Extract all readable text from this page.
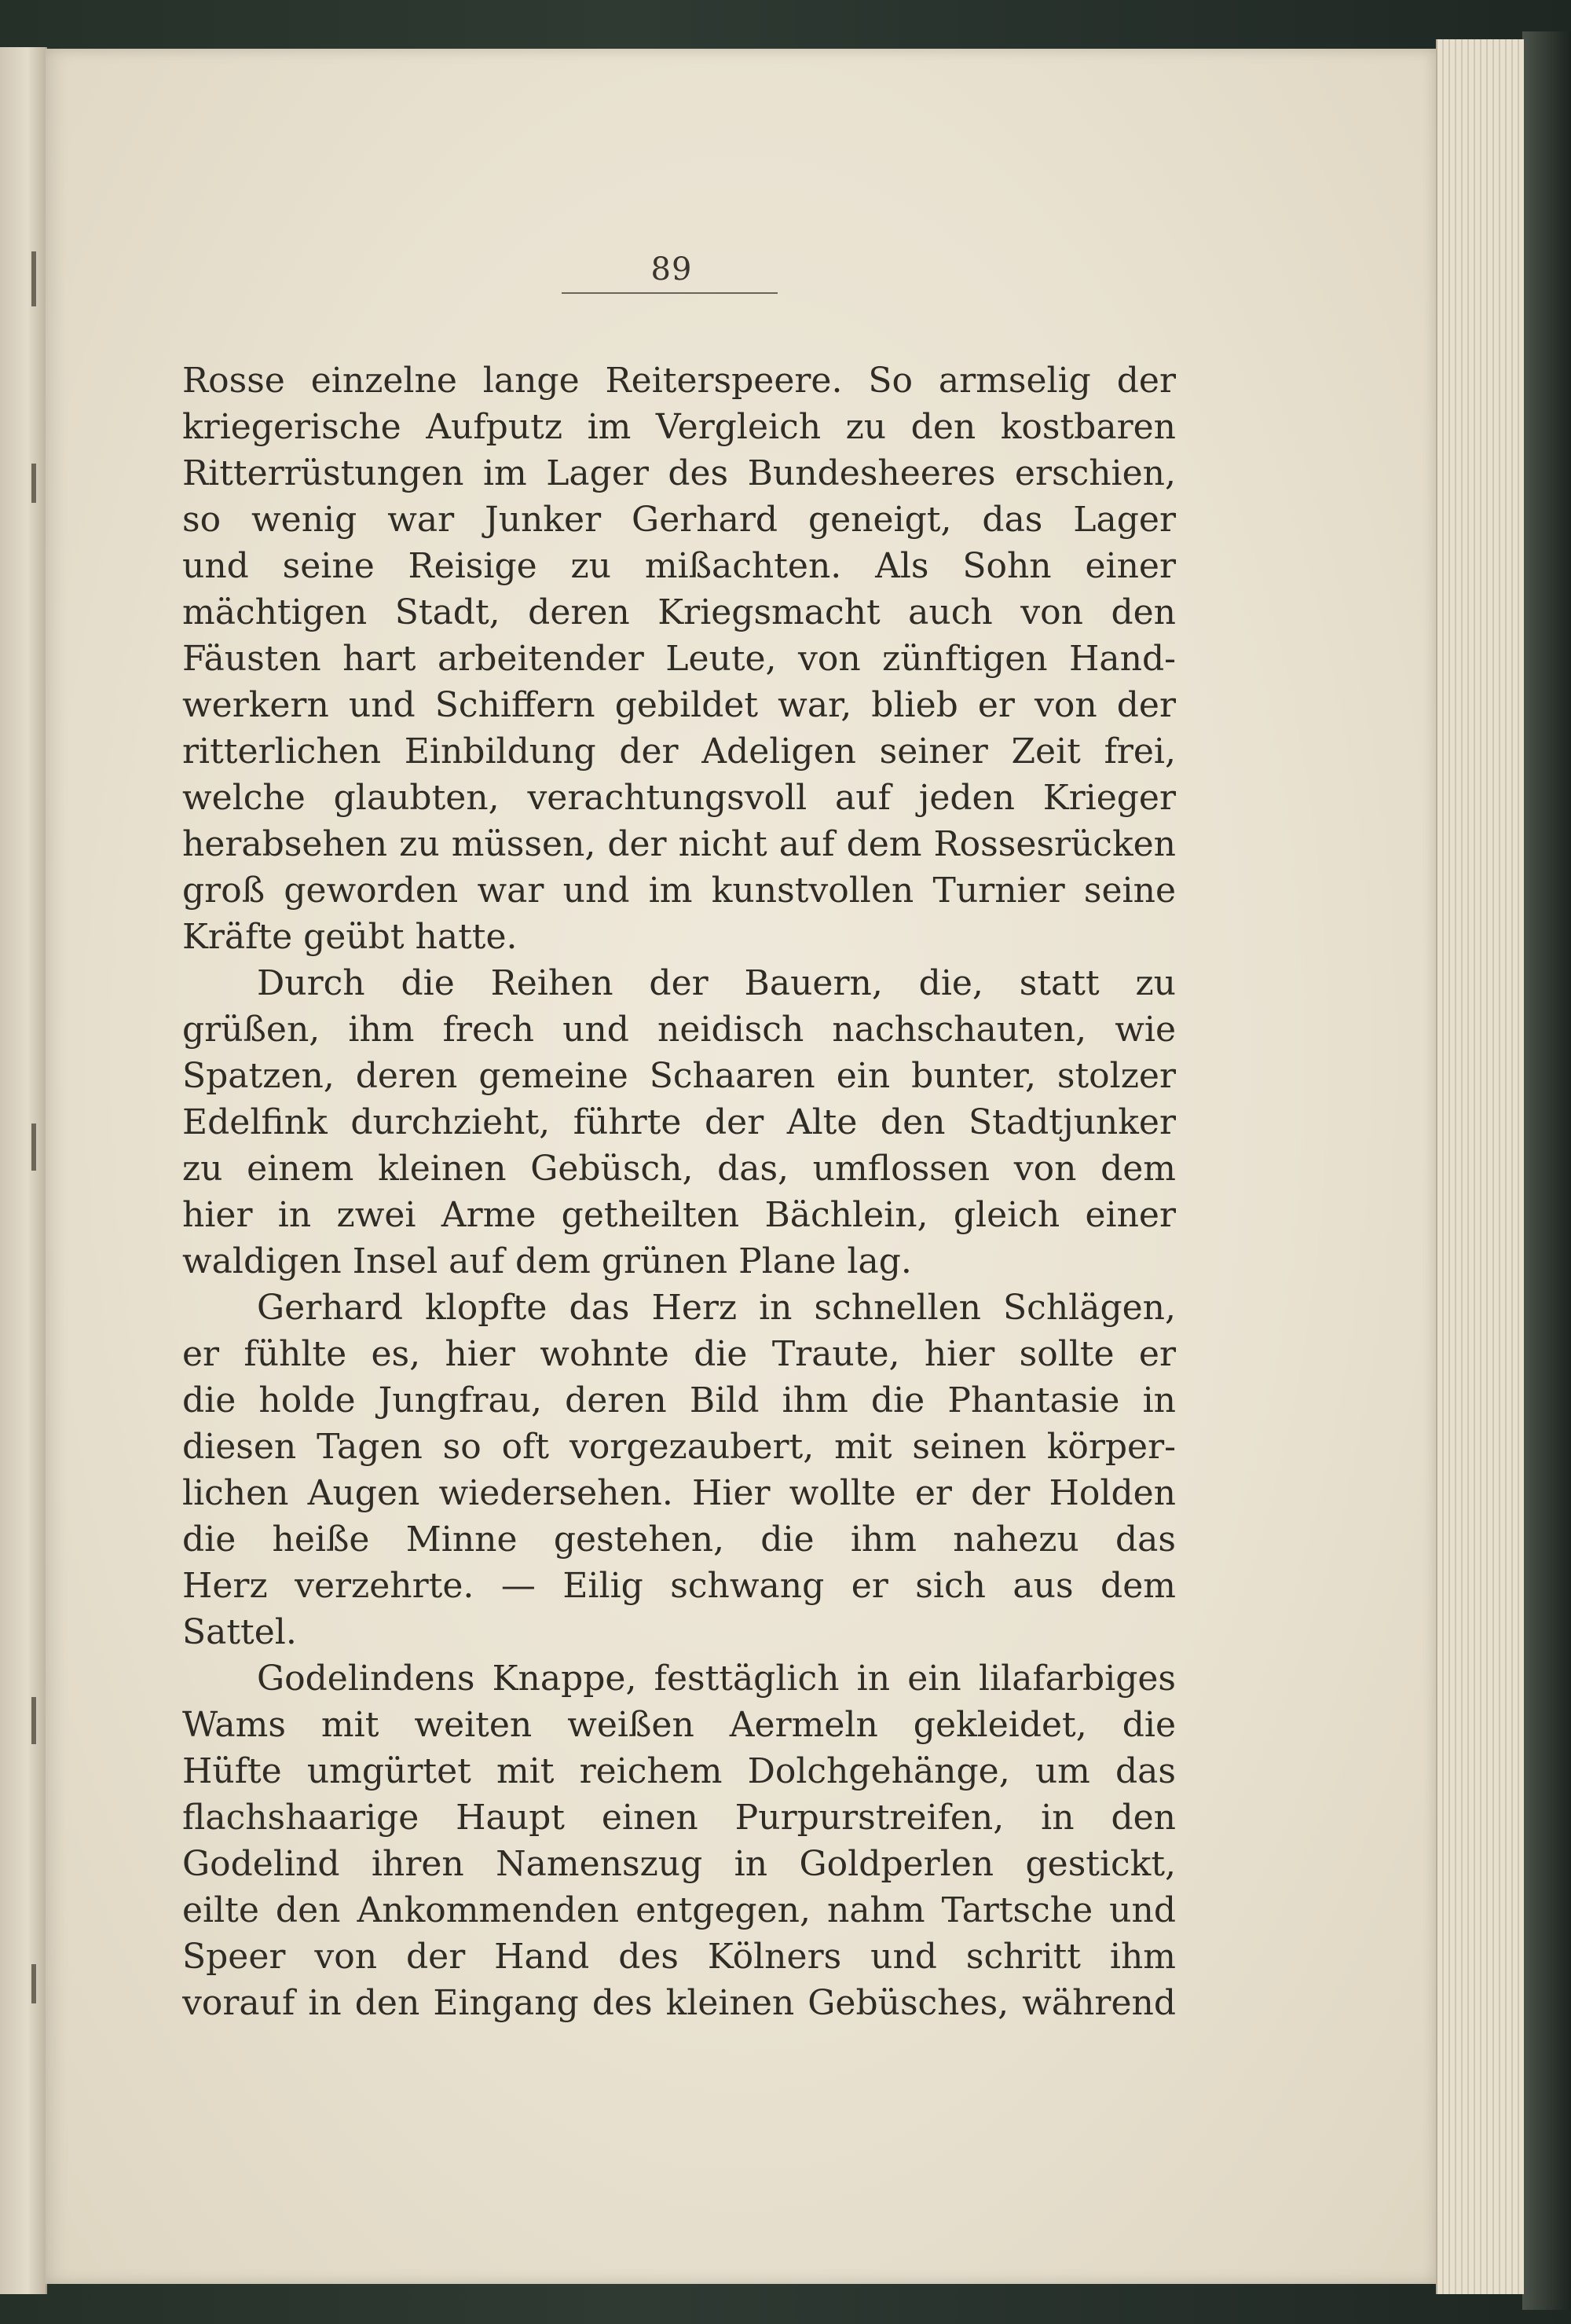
89
Rosse einzelne lange Reiterspeere. So armselig der
kriegerische Aufputz im Vergleich zu den kostbaren
Ritterrüstungen im Lager des Bundesheeres erschien,
so wenig war Junker Gerhard geneigt, das Lager
und seine Reisige zu mißachten. Als Sohn einer
mächtigen Stadt, deren Kriegsmacht auch von den
Fäusten hart arbeitender Leute, von zünftigen Hand-
werkern und Schiffern gebildet war, blieb er von der
ritterlichen Einbildung der Adeligen seiner Zeit frei,
welche glaubten, verachtungsvoll auf jeden Krieger
herabsehen zu müssen, der nicht auf dem Rossesrücken
groß geworden war und im kunstvollen Turnier seine
Kräfte geübt hatte.
Durch die Reihen der Bauern, die, statt zu
grüßen, ihm frech und neidisch nachschauten, wie
Spatzen, deren gemeine Schaaren ein bunter, stolzer
Edelfink durchzieht, führte der Alte den Stadtjunker
zu einem kleinen Gebüsch, das, umflossen von dem
hier in zwei Arme getheilten Bächlein, gleich einer
waldigen Insel auf dem grünen Plane lag.
Gerhard klopfte das Herz in schnellen Schlägen,
er fühlte es, hier wohnte die Traute, hier sollte er
die holde Jungfrau, deren Bild ihm die Phantasie in
diesen Tagen so oft vorgezaubert, mit seinen körper-
lichen Augen wiedersehen. Hier wollte er der Holden
die heiße Minne gestehen, die ihm nahezu das
Herz verzehrte. — Eilig schwang er sich aus dem
Sattel.
Godelindens Knappe, festtäglich in ein lilafarbiges
Wams mit weiten weißen Aermeln gekleidet, die
Hüfte umgürtet mit reichem Dolchgehänge, um das
flachshaarige Haupt einen Purpurstreifen, in den
Godelind ihren Namenszug in Goldperlen gestickt,
eilte den Ankommenden entgegen, nahm Tartsche und
Speer von der Hand des Kölners und schritt ihm
vorauf in den Eingang des kleinen Gebüsches, während
